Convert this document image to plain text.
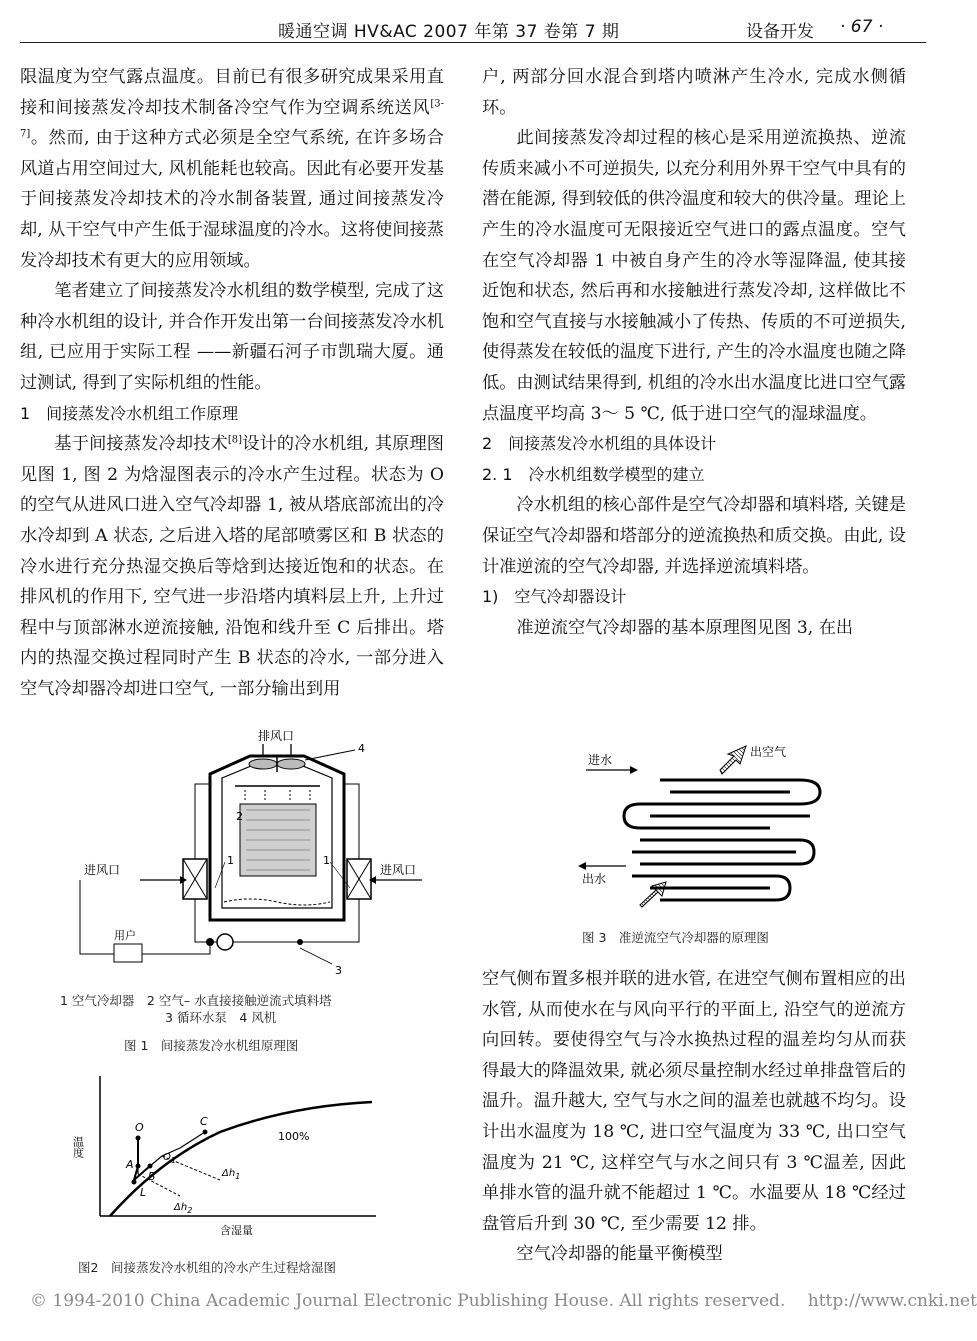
暖通空调 HV&AC 2007 年第 37 卷第 7 期	设备开发 · 67 ·

限温度为空气露点温度。目前已有很多研究成果采用直接和间接蒸发冷却技术制备冷空气作为空调系统送风[3- 7]。然而, 由于这种方式必须是全空气系统, 在许多场合风道占用空间过大, 风机能耗也较高。因此有必要开发基于间接蒸发冷却技术的冷水制备装置, 通过间接蒸发冷却, 从干空气中产生低于湿球温度的冷水。这将使间接蒸发冷却技术有更大的应用领域。

笔者建立了间接蒸发冷水机组的数学模型, 完成了这种冷水机组的设计, 并合作开发出第一台间接蒸发冷水机组, 已应用于实际工程 ——新疆石河子市凯瑞大厦。通过测试, 得到了实际机组的性能。

1　间接蒸发冷水机组工作原理

基于间接蒸发冷却技术[8]设计的冷水机组, 其原理图见图 1, 图 2 为焓湿图表示的冷水产生过程。状态为 O 的空气从进风口进入空气冷却器 1, 被从塔底部流出的冷水冷却到 A 状态, 之后进入塔的尾部喷雾区和 B 状态的冷水进行充分热湿交换后等焓到达接近饱和的状态。在排风机的作用下, 空气进一步沿塔内填料层上升, 上升过程中与顶部淋水逆流接触, 沿饱和线升至 C 后排出。塔内的热湿交换过程同时产生 B 状态的冷水, 一部分进入空气冷却器冷却进口空气, 一部分输出到用

户, 两部分回水混合到塔内喷淋产生冷水, 完成水侧循环。

此间接蒸发冷却过程的核心是采用逆流换热、逆流传质来减小不可逆损失, 以充分利用外界干空气中具有的潜在能源, 得到较低的供冷温度和较大的供冷量。理论上产生的冷水温度可无限接近空气进口的露点温度。空气在空气冷却器 1 中被自身产生的冷水等湿降温, 使其接近饱和状态, 然后再和水接触进行蒸发冷却, 这样做比不饱和空气直接与水接触减小了传热、传质的不可逆损失, 使得蒸发在较低的温度下进行, 产生的冷水温度也随之降低。由测试结果得到, 机组的冷水出水温度比进口空气露点温度平均高 3～ 5 ℃, 低于进口空气的湿球温度。

2　间接蒸发冷水机组的具体设计

2. 1　冷水机组数学模型的建立

冷水机组的核心部件是空气冷却器和填料塔, 关键是保证空气冷却器和塔部分的逆流换热和质交换。由此, 设计准逆流的空气冷却器, 并选择逆流填料塔。

1)　空气冷却器设计

准逆流空气冷却器的基本原理图见图 3, 在出

空气侧布置多根并联的进水管, 在进空气侧布置相应的出水管, 从而使水在与风向平行的平面上, 沿空气的逆流方向回转。要使得空气与冷水换热过程的温差均匀从而获得最大的降温效果, 就必须尽量控制水经过单排盘管后的温升。温升越大, 空气与水之间的温差也就越不均匀。设计出水温度为 18 ℃, 进口空气温度为 33 ℃, 出口空气温度为 21 ℃, 这样空气与水之间只有 3 ℃温差, 因此单排水管的温升就不能超过 1 ℃。水温要从 18 ℃经过盘管后升到 30 ℃, 至少需要 12 排。

空气冷却器的能量平衡模型

排风口
进风口	进风口
用户
4
2
1	1
3
1 空气冷却器　2 空气– 水直接接触逆流式填料塔
3 循环水泵　4 风机
图 1　间接蒸发冷水机组原理图
温度
含湿量
100%
O
A
B
C
L
$O_1$
$\Delta h_1$
$\Delta h_2$
图2　间接蒸发冷水机组的冷水产生过程焓湿图
进水
出空气
出水
图 3　准逆流空气冷却器的原理图
© 1994-2010 China Academic Journal Electronic Publishing House. All rights reserved.　 http://www.cnki.net
